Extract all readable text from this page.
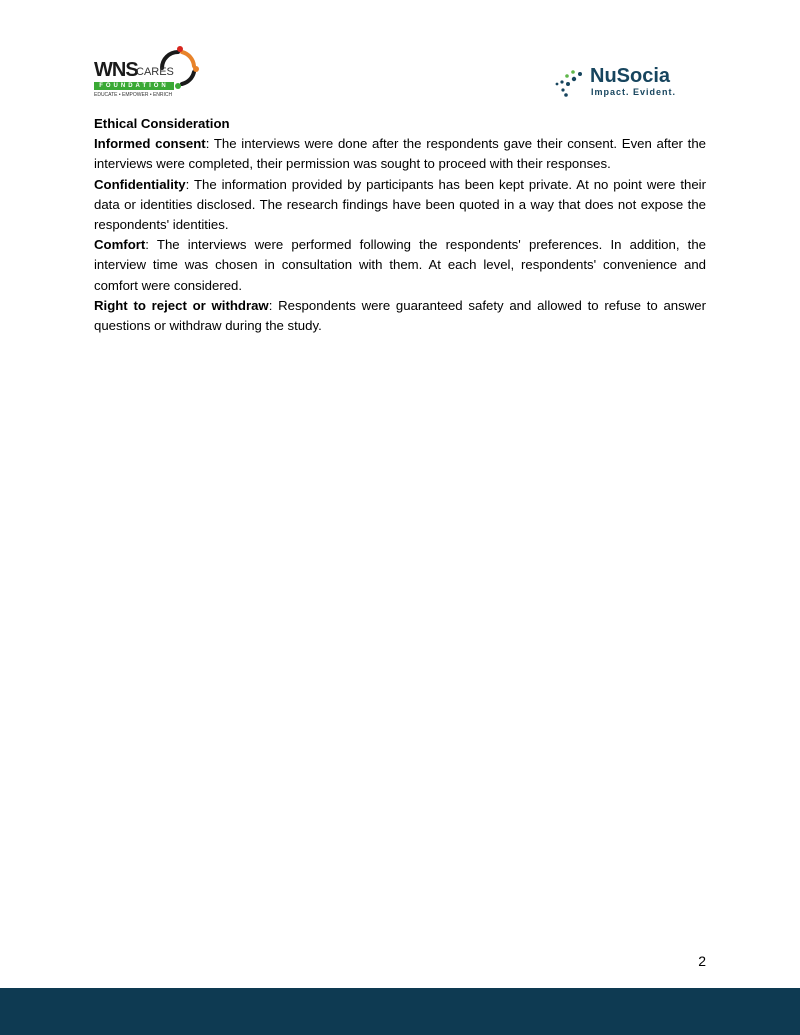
WNS
CARES
FOUNDATION
EDUCATE • EMPOWER • ENRICH
NuSocia
Impact. Evident.
Ethical Consideration

Informed consent: The interviews were done after the respondents gave their consent. Even after the interviews were completed, their permission was sought to proceed with their responses.

Confidentiality: The information provided by participants has been kept private. At no point were their data or identities disclosed. The research findings have been quoted in a way that does not expose the respondents' identities.

Comfort: The interviews were performed following the respondents' preferences. In addition, the interview time was chosen in consultation with them. At each level, respondents' convenience and comfort were considered.

Right to reject or withdraw: Respondents were guaranteed safety and allowed to refuse to answer questions or withdraw during the study.

2
